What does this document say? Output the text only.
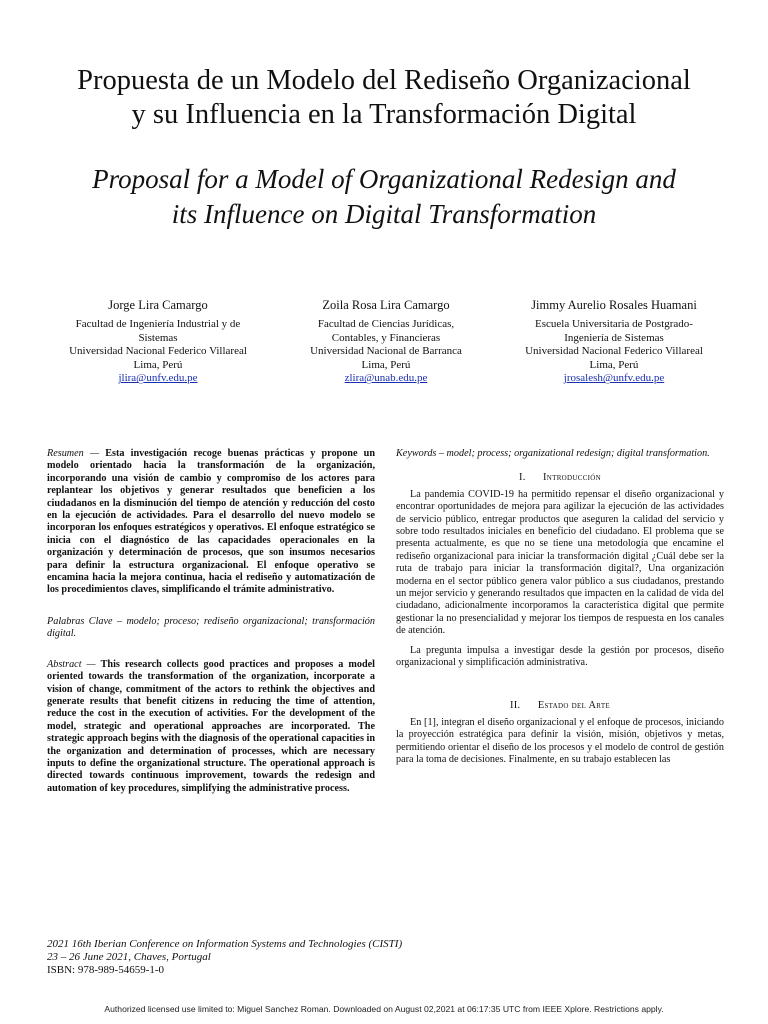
Propuesta de un Modelo del Rediseño Organizacional
y su Influencia en la Transformación Digital
Proposal for a Model of Organizational Redesign and
its Influence on Digital Transformation
Jorge Lira Camargo
Facultad de Ingeniería Industrial y de
Sistemas
Universidad Nacional Federico Villareal
Lima, Perú
jlira@unfv.edu.pe
Zoila Rosa Lira Camargo
Facultad de Ciencias Jurídicas,
Contables, y Financieras
Universidad Nacional de Barranca
Lima, Perú
zlira@unab.edu.pe
Jimmy Aurelio Rosales Huamani
Escuela Universitaria de Postgrado-
Ingeniería de Sistemas
Universidad Nacional Federico Villareal
Lima, Perú
jrosalesh@unfv.edu.pe

Resumen — Esta investigación recoge buenas prácticas y propone un modelo orientado hacia la transformación de la organización, incorporando una visión de cambio y compromiso de los actores para replantear los objetivos y generar resultados que beneficien a los ciudadanos en la disminución del tiempo de atención y reducción del costo en la ejecución de actividades. Para el desarrollo del nuevo modelo se incorporan los enfoques estratégicos y operativos. El enfoque estratégico se inicia con el diagnóstico de las capacidades operacionales en la organización y determinación de procesos, que son insumos necesarios para definir la estructura organizacional. El enfoque operativo se encamina hacia la mejora continua, hacia el rediseño y automatización de los procedimientos claves, simplificando el trámite administrativo.

Palabras Clave – modelo; proceso; rediseño organizacional; transformación digital.

Abstract — This research collects good practices and proposes a model oriented towards the transformation of the organization, incorporate a vision of change, commitment of the actors to rethink the objectives and generate results that benefit citizens in reducing the time of attention, reduce the cost in the execution of activities. For the development of the model, strategic and operational approaches are incorporated. The strategic approach begins with the diagnosis of the operational capacities in the organization and determination of processes, which are necessary inputs to define the organizational structure. The operational approach is directed towards continuous improvement, towards the redesign and automation of key procedures, simplifying the administrative process.

Keywords – model; process; organizational redesign; digital transformation.

I. Introducción

La pandemia COVID-19 ha permitido repensar el diseño organizacional y encontrar oportunidades de mejora para agilizar la ejecución de las actividades de servicio público, entregar productos que aseguren la calidad del servicio y sobre todo resultados iniciales en beneficio del ciudadano. El problema que se presenta actualmente, es que no se tiene una metodología que encamine el rediseño organizacional para iniciar la transformación digital ¿Cuál debe ser la ruta de trabajo para iniciar la transformación digital?, Una organización moderna en el sector público genera valor público a sus ciudadanos, prestando un mejor servicio y generando resultados que impacten en la calidad de vida del ciudadano, adicionalmente incorporamos la característica digital que permite gestionar la no presencialidad y mejorar los tiempos de respuesta en los canales de atención.

La pregunta impulsa a investigar desde la gestión por procesos, diseño organizacional y simplificación administrativa.

II. Estado del Arte

En [1], integran el diseño organizacional y el enfoque de procesos, iniciando la proyección estratégica para definir la visión, misión, objetivos y metas, permitiendo orientar el diseño de los procesos y el modelo de control de gestión para la toma de decisiones. Finalmente, en su trabajo establecen las

2021 16th Iberian Conference on Information Systems and Technologies (CISTI)
23 – 26 June 2021, Chaves, Portugal
ISBN: 978-989-54659-1-0
Authorized licensed use limited to: Miguel Sanchez Roman. Downloaded on August 02,2021 at 06:17:35 UTC from IEEE Xplore. Restrictions apply.
